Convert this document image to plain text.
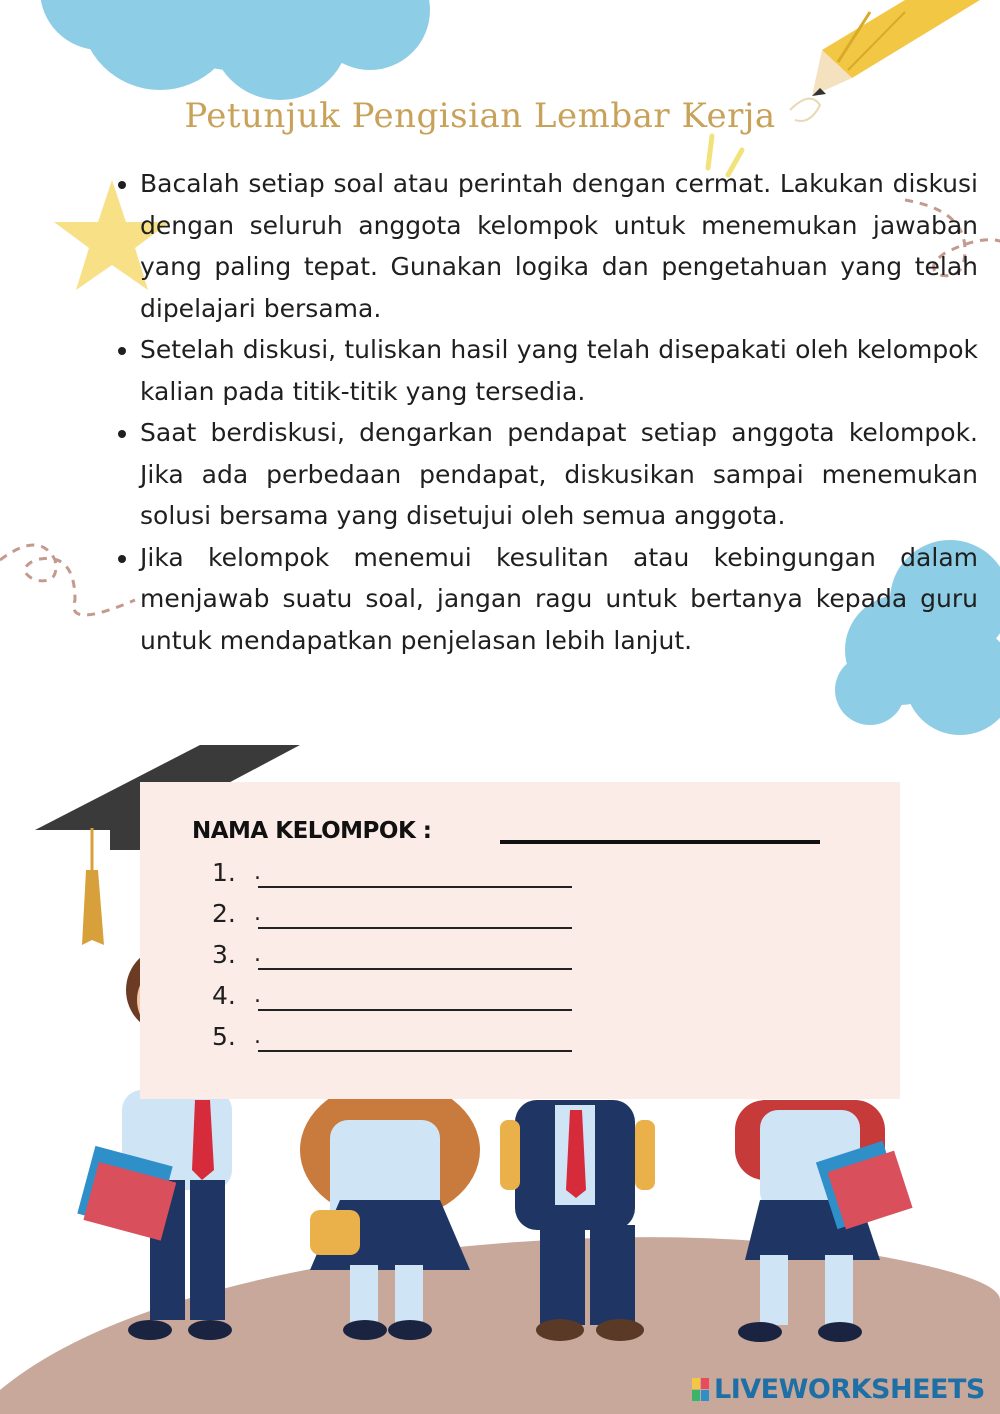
Petunjuk Pengisian Lembar Kerja
• Bacalah setiap soal atau perintah dengan cermat. Lakukan diskusi dengan seluruh anggota kelompok untuk menemukan jawaban yang paling tepat. Gunakan logika dan pengetahuan yang telah dipelajari bersama.
• Setelah diskusi, tuliskan hasil yang telah disepakati oleh kelompok kalian pada titik-titik yang tersedia.
• Saat berdiskusi, dengarkan pendapat setiap anggota kelompok. Jika ada perbedaan pendapat, diskusikan sampai menemukan solusi bersama yang disetujui oleh semua anggota.
• Jika kelompok menemui kesulitan atau kebingungan dalam menjawab suatu soal, jangan ragu untuk bertanya kepada guru untuk mendapatkan penjelasan lebih lanjut.
NAMA KELOMPOK :
1. .
2. .
3. .
4. .
5. .
LIVEWORKSHEETS
